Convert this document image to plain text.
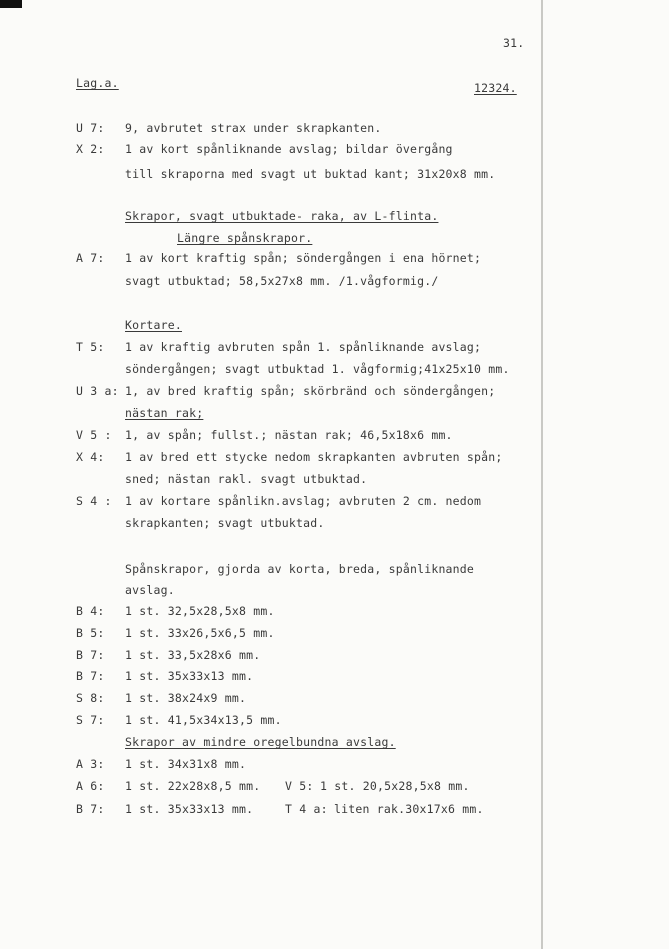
31.
Lag.a.	12324.
U 7: 9, avbrutet strax under skrapkanten.
X 2: 1 av kort spånliknande avslag; bildar övergång
till skraporna med svagt ut buktad kant; 31x20x8 mm.
Skrapor, svagt utbuktade- raka, av L-flinta.
Längre spånskrapor.
A 7: 1 av kort kraftig spån; söndergången i ena hörnet;
svagt utbuktad; 58,5x27x8 mm. /1.vågformig./
Kortare.
T 5: 1 av kraftig avbruten spån 1. spånliknande avslag;
söndergången; svagt utbuktad 1. vågformig;41x25x10 mm.
U 3 a: 1, av bred kraftig spån; skörbränd och söndergången;
nästan rak;
V 5 : 1, av spån; fullst.; nästan rak; 46,5x18x6 mm.
X 4: 1 av bred ett stycke nedom skrapkanten avbruten spån;
sned; nästan rakl. svagt utbuktad.
S 4 : 1 av kortare spånlikn.avslag; avbruten 2 cm. nedom
skrapkanten; svagt utbuktad.
Spånskrapor, gjorda av korta, breda, spånliknande
avslag.
B 4: 1 st. 32,5x28,5x8 mm.
B 5: 1 st. 33x26,5x6,5 mm.
B 7: 1 st. 33,5x28x6 mm.
B 7: 1 st. 35x33x13 mm.
S 8: 1 st. 38x24x9 mm.
S 7: 1 st. 41,5x34x13,5 mm.
Skrapor av mindre oregelbundna avslag.
A 3: 1 st. 34x31x8 mm.
A 6: 1 st. 22x28x8,5 mm.
B 7: 1 st. 35x33x13 mm.
V 5: 1 st. 20,5x28,5x8 mm.
T 4 a: liten rak.30x17x6 mm.
